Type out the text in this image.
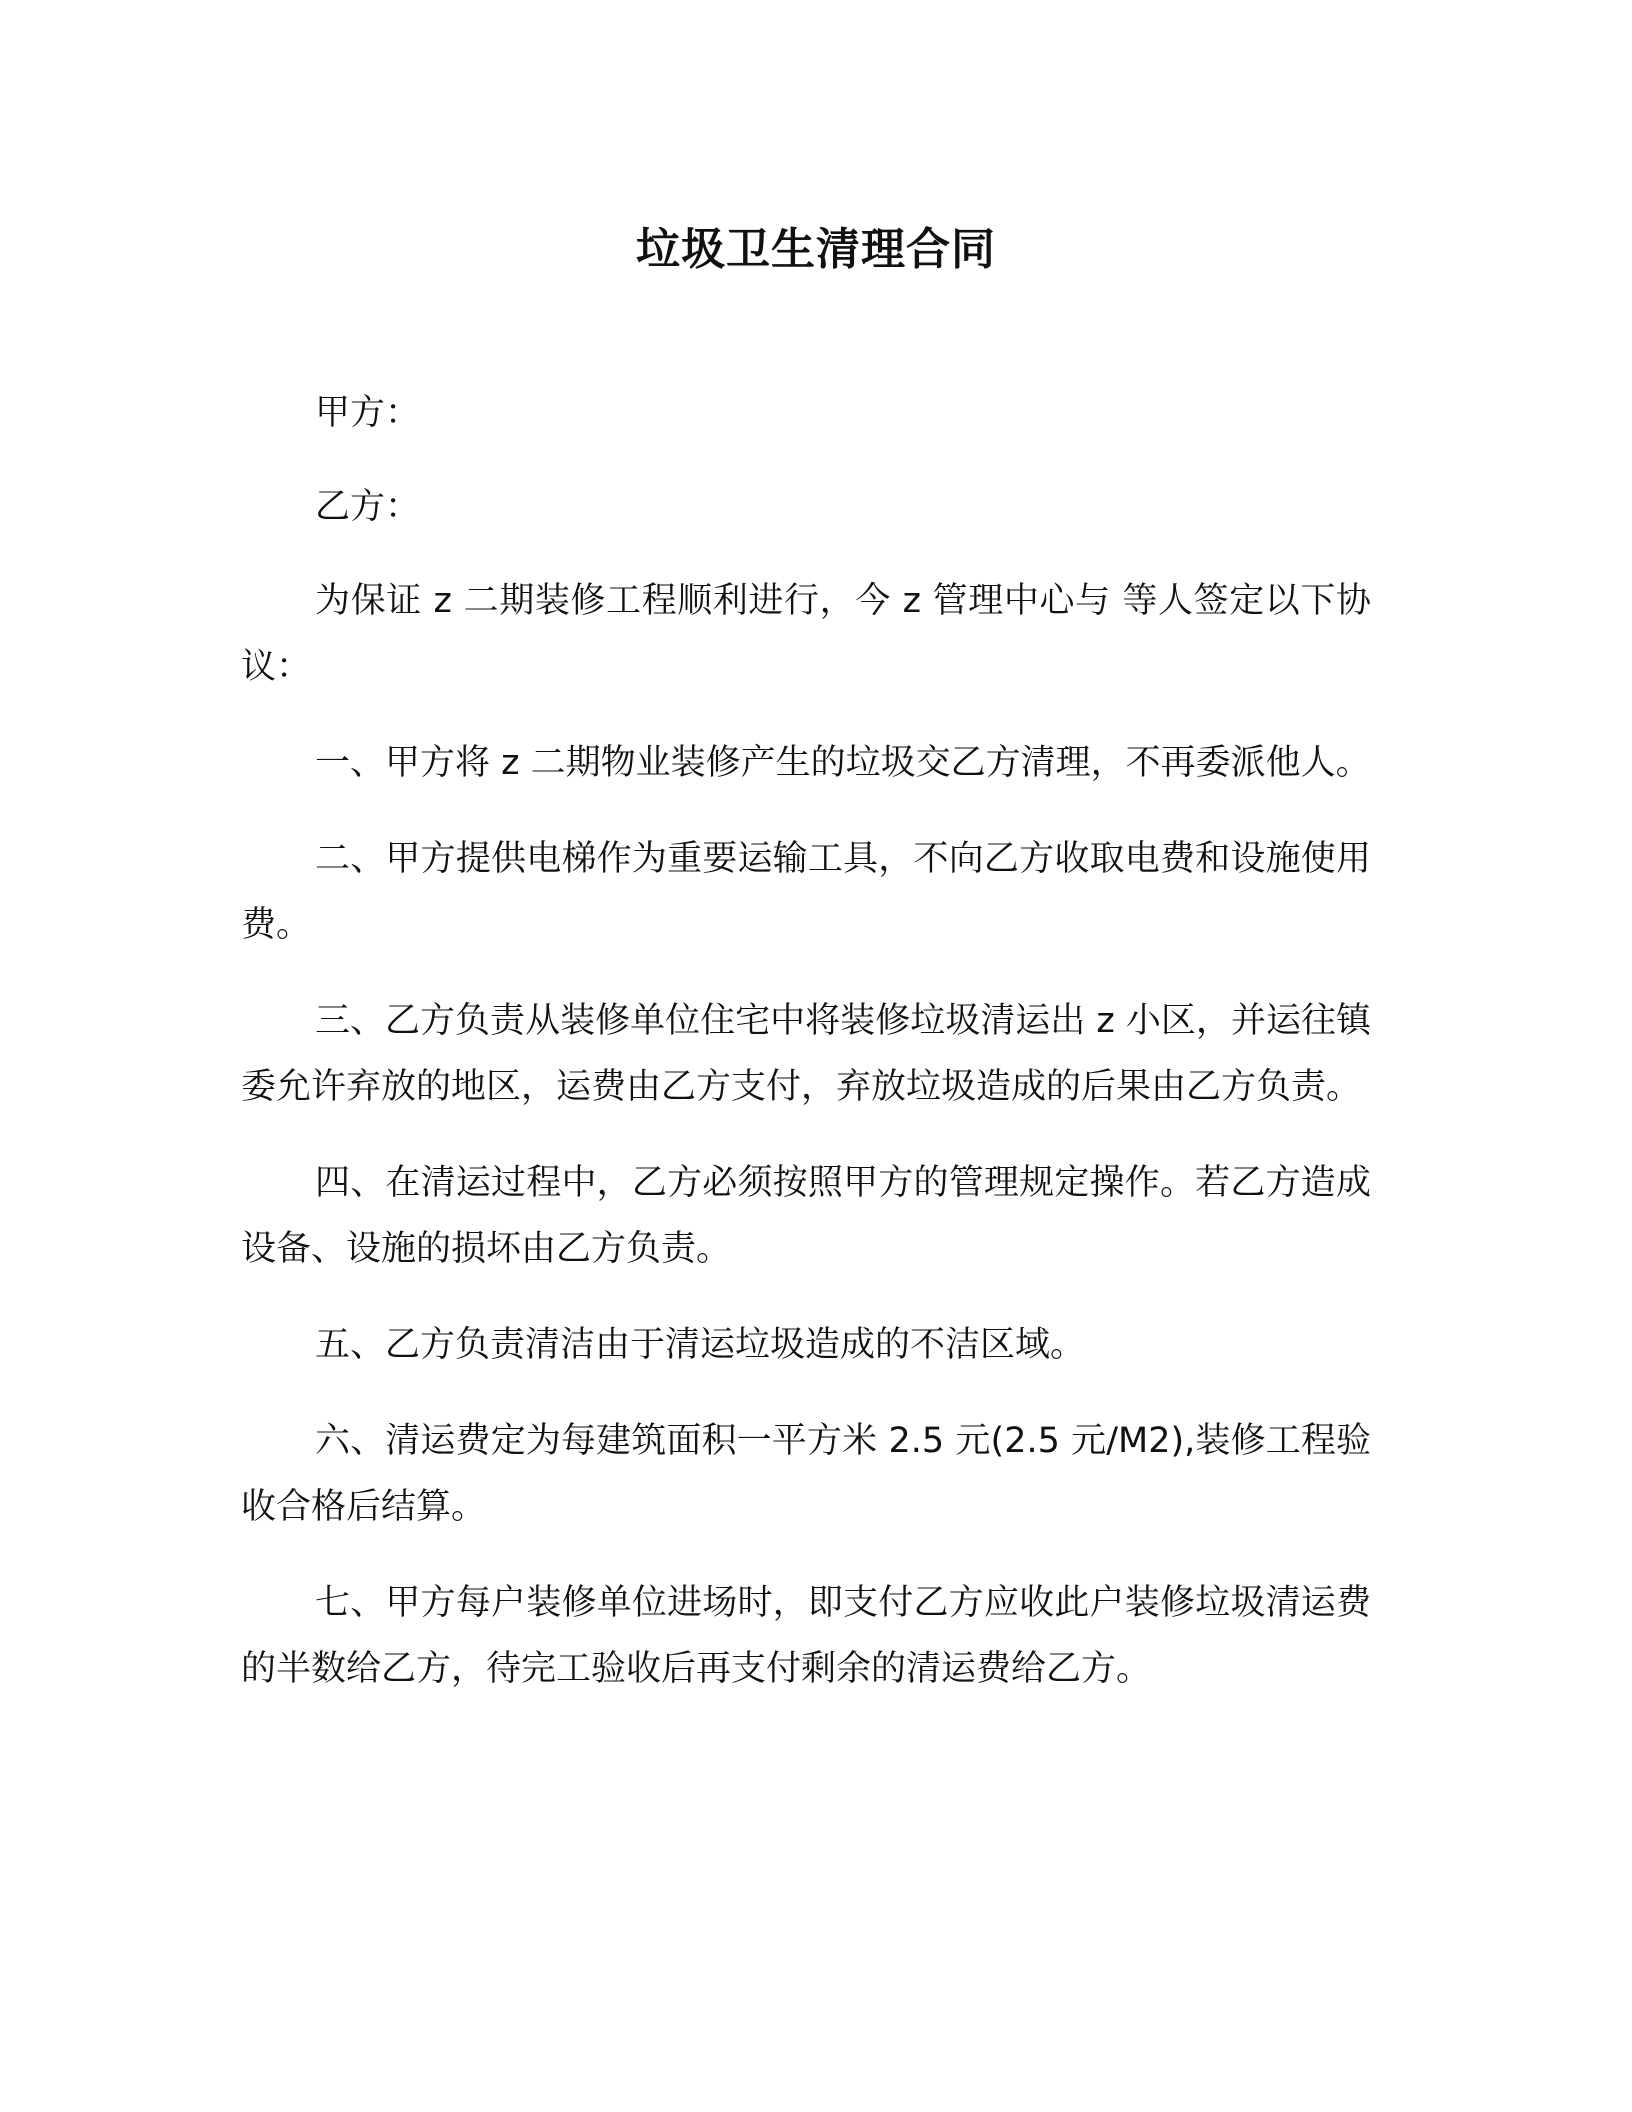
垃圾卫生清理合同

甲方：

乙方：

为保证 z 二期装修工程顺利进行，今 z 管理中心与 等人签定以下协议：

一、甲方将 z 二期物业装修产生的垃圾交乙方清理，不再委派他人。

二、甲方提供电梯作为重要运输工具，不向乙方收取电费和设施使用费。

三、乙方负责从装修单位住宅中将装修垃圾清运出 z 小区，并运往镇委允许弃放的地区，运费由乙方支付，弃放垃圾造成的后果由乙方负责。

四、在清运过程中，乙方必须按照甲方的管理规定操作。若乙方造成设备、设施的损坏由乙方负责。

五、乙方负责清洁由于清运垃圾造成的不洁区域。

六、清运费定为每建筑面积一平方米 2.5 元(2.5 元/M2),装修工程验收合格后结算。

七、甲方每户装修单位进场时，即支付乙方应收此户装修垃圾清运费的半数给乙方，待完工验收后再支付剩余的清运费给乙方。
